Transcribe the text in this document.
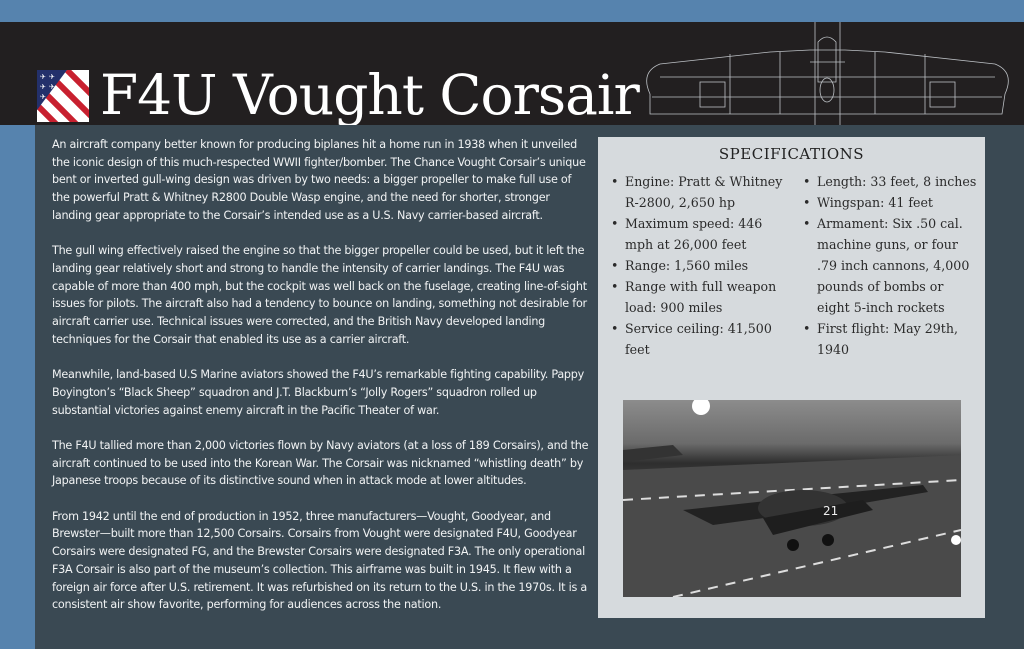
✈ ✈
✈ ✈
✈ F4U Vought Corsair

An aircraft company better known for producing biplanes hit a home run in 1938 when it unveiled the iconic design of this much-respected WWII fighter/bomber. The Chance Vought Corsair’s unique bent or inverted gull-wing design was driven by two needs: a bigger propeller to make full use of the powerful Pratt & Whitney R2800 Double Wasp engine, and the need for shorter, stronger landing gear appropriate to the Corsair’s intended use as a U.S. Navy carrier-based aircraft.

The gull wing effectively raised the engine so that the bigger propeller could be used, but it left the landing gear relatively short and strong to handle the intensity of carrier landings. The F4U was capable of more than 400 mph, but the cockpit was well back on the fuselage, creating line-of-sight issues for pilots. The aircraft also had a tendency to bounce on landing, something not desirable for aircraft carrier use. Technical issues were corrected, and the British Navy developed landing techniques for the Corsair that enabled its use as a carrier aircraft.

Meanwhile, land-based U.S Marine aviators showed the F4U’s remarkable fighting capability. Pappy Boyington’s “Black Sheep” squadron and J.T. Blackburn’s “Jolly Rogers” squadron rolled up substantial victories against enemy aircraft in the Pacific Theater of war.

The F4U tallied more than 2,000 victories flown by Navy aviators (at a loss of 189 Corsairs), and the aircraft continued to be used into the Korean War. The Corsair was nicknamed “whistling death” by Japanese troops because of its distinctive sound when in attack mode at lower altitudes.

From 1942 until the end of production in 1952, three manufacturers—Vought, Goodyear, and Brewster—built more than 12,500 Corsairs. Corsairs from Vought were designated F4U, Goodyear Corsairs were designated FG, and the Brewster Corsairs were designated F3A. The only operational F3A Corsair is also part of the museum’s collection. This airframe was built in 1945. It flew with a foreign air force after U.S. retirement. It was refurbished on its return to the U.S. in the 1970s. It is a consistent air show favorite, performing for audiences across the nation.

SPECIFICATIONS
• Engine: Pratt & Whitney R-2800, 2,650 hp
• Maximum speed: 446 mph at 26,000 feet
• Range: 1,560 miles
• Range with full weapon load: 900 miles
• Service ceiling: 41,500 feet
• Length: 33 feet, 8 inches
• Wingspan: 41 feet
• Armament: Six .50 cal. machine guns, or four .79 inch cannons, 4,000 pounds of bombs or eight 5-inch rockets
• First flight: May 29th, 1940
21
